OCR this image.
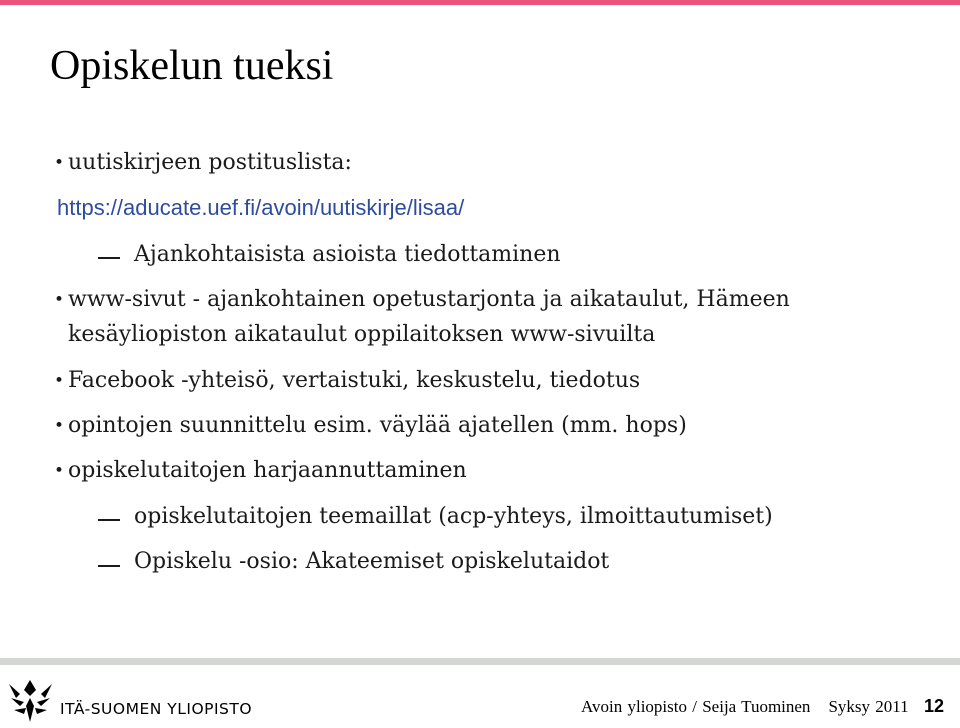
Opiskelun tueksi
• uutiskirjeen postituslista:
https://aducate.uef.fi/avoin/uutiskirje/lisaa/
Ajankohtaisista asioista tiedottaminen
• www-sivut - ajankohtainen opetustarjonta ja aikataulut, Hämeen
kesäyliopiston aikataulut oppilaitoksen www-sivuilta
• Facebook -yhteisö, vertaistuki, keskustelu, tiedotus
• opintojen suunnittelu esim. väylää ajatellen (mm. hops)
• opiskelutaitojen harjaannuttaminen
opiskelutaitojen teemaillat (acp-yhteys, ilmoittautumiset)
Opiskelu -osio: Akateemiset opiskelutaidot
ITÄ-SUOMEN YLIOPISTO	Avoin yliopisto / Seija Tuominen Syksy 2011 12
